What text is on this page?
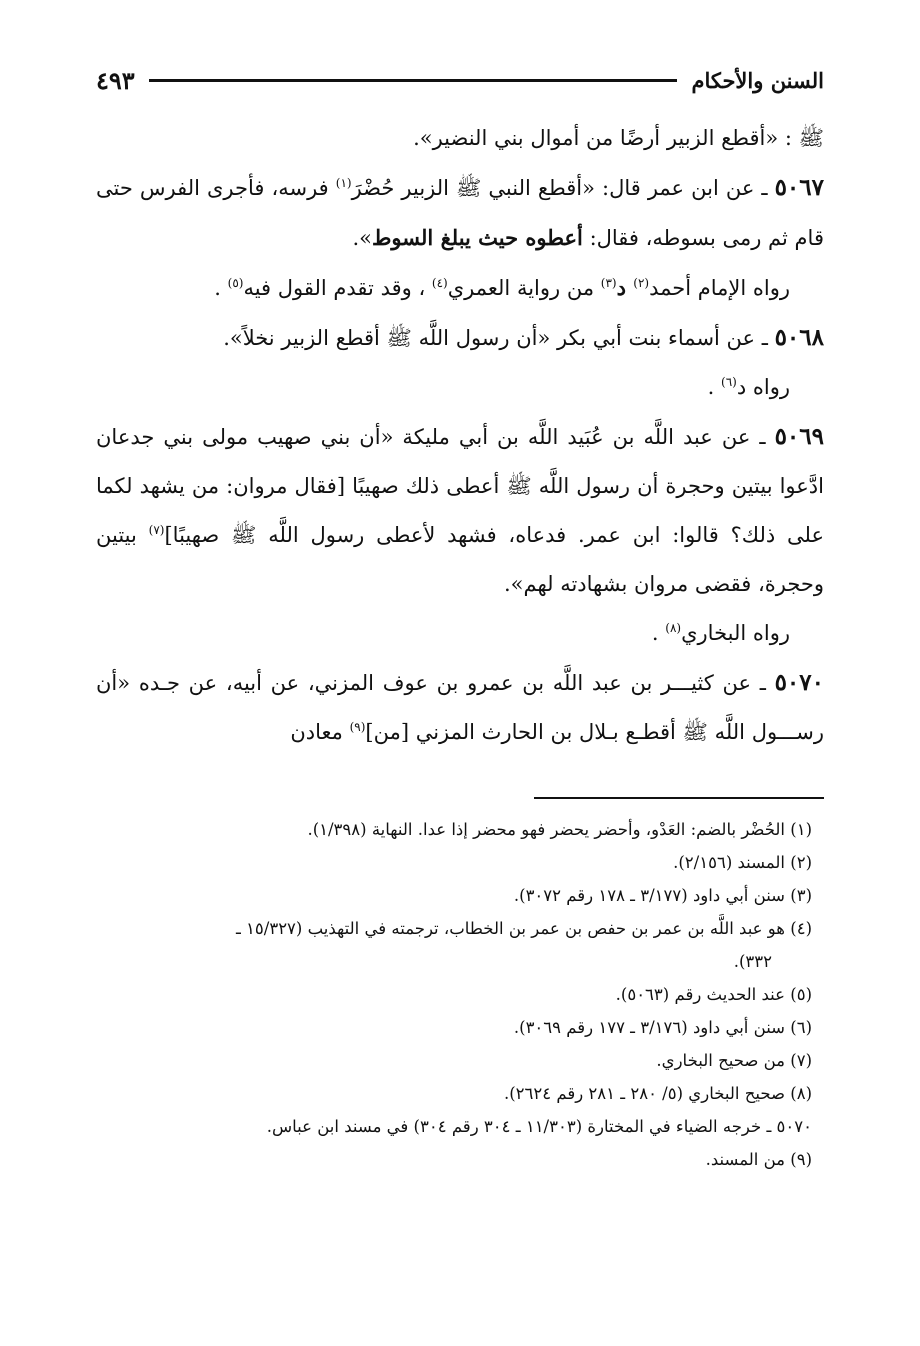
السنن والأحكام
٤٩٣

ﷺ : «أقطع الزبير أرضًا من أموال بني النضير».

٥٠٦٧ ـ عن ابن عمر قال: «أقطع النبي ﷺ الزبير حُضْرَ$^{(١)}$ فرسه، فأجرى الفرس حتى قام ثم رمى بسوطه، فقال: أعطوه حيث يبلغ السوط».

رواه الإمام أحمد$^{(٢)}$ د$^{(٣)}$ من رواية العمري$^{(٤)}$ ، وقد تقدم القول فيه$^{(٥)}$ .

٥٠٦٨ ـ عن أسماء بنت أبي بكر «أن رسول اللَّه ﷺ أقطع الزبير نخلاً».

رواه د$^{(٦)}$ .

٥٠٦٩ ـ عن عبد اللَّه بن عُبَيد اللَّه بن أبي مليكة «أن بني صهيب مولى بني جدعان ادَّعوا بيتين وحجرة أن رسول اللَّه ﷺ أعطى ذلك صهيبًا [فقال مروان: من يشهد لكما على ذلك؟ قالوا: ابن عمر. فدعاه، فشهد لأعطى رسول اللَّه ﷺ صهيبًا]$^{(٧)}$ بيتين وحجرة، فقضى مروان بشهادته لهم».

رواه البخاري$^{(٨)}$ .

٥٠٧٠ ـ عن كثيـــر بن عبد اللَّه بن عمرو بن عوف المزني، عن أبيه، عن جـده «أن رســـول اللَّه ﷺ أقطـع بـلال بن الحارث المزني [من]$^{(٩)}$ معادن

(١) الحُضْر بالضم: العَدْو، وأحضر يحضر فهو محضر إذا عدا. النهاية (١/٣٩٨).

(٢) المسند (٢/١٥٦).

(٣) سنن أبي داود (٣/١٧٧ ـ ١٧٨ رقم ٣٠٧٢).

(٤) هو عبد اللَّه بن عمر بن حفص بن عمر بن الخطاب، ترجمته في التهذيب (١٥/٣٢٧ ـ

٣٣٢).

(٥) عند الحديث رقم (٥٠٦٣).

(٦) سنن أبي داود (٣/١٧٦ ـ ١٧٧ رقم ٣٠٦٩).

(٧) من صحيح البخاري.

(٨) صحيح البخاري (٥/ ٢٨٠ ـ ٢٨١ رقم ٢٦٢٤).

٥٠٧٠ ـ خرجه الضياء في المختارة (١١/٣٠٣ ـ ٣٠٤ رقم ٣٠٤) في مسند ابن عباس.

(٩) من المسند.
